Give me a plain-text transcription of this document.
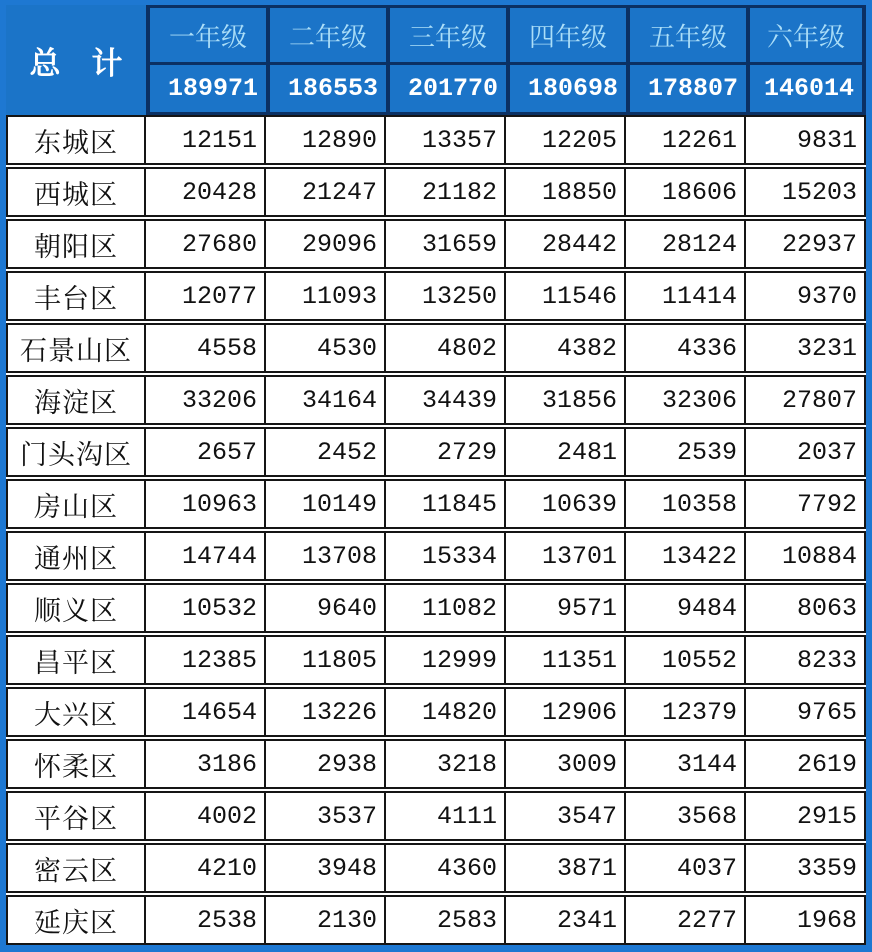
总　计
一年级	二年级	三年级	四年级	五年级	六年级
189971	186553	201770	180698	178807	146014
东城区	12151	12890	13357	12205	12261	9831
西城区	20428	21247	21182	18850	18606	15203
朝阳区	27680	29096	31659	28442	28124	22937
丰台区	12077	11093	13250	11546	11414	9370
石景山区	4558	4530	4802	4382	4336	3231
海淀区	33206	34164	34439	31856	32306	27807
门头沟区	2657	2452	2729	2481	2539	2037
房山区	10963	10149	11845	10639	10358	7792
通州区	14744	13708	15334	13701	13422	10884
顺义区	10532	9640	11082	9571	9484	8063
昌平区	12385	11805	12999	11351	10552	8233
大兴区	14654	13226	14820	12906	12379	9765
怀柔区	3186	2938	3218	3009	3144	2619
平谷区	4002	3537	4111	3547	3568	2915
密云区	4210	3948	4360	3871	4037	3359
延庆区	2538	2130	2583	2341	2277	1968
